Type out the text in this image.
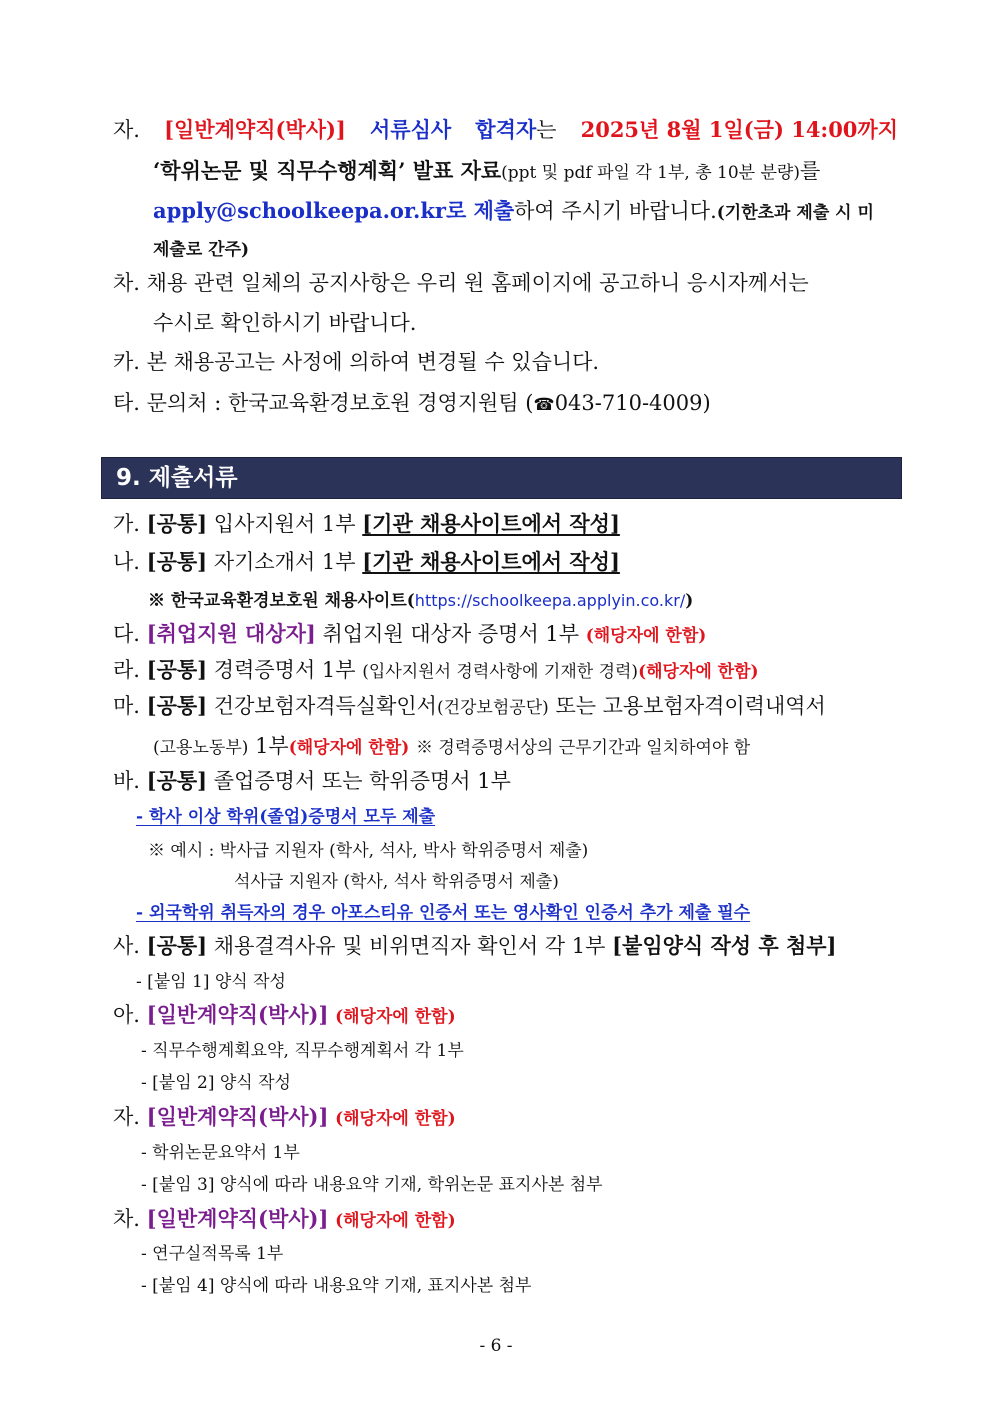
자. [일반계약직(박사)] 서류심사 합격자는 2025년 8월 1일(금) 14:00까지
‘학위논문 및 직무수행계획’ 발표 자료(ppt 및 pdf 파일 각 1부, 총 10분 분량)를
apply@schoolkeepa.or.kr로 제출하여 주시기 바랍니다.(기한초과 제출 시 미
제출로 간주)
차. 채용 관련 일체의 공지사항은 우리 원 홈페이지에 공고하니 응시자께서는
수시로 확인하시기 바랍니다.
카. 본 채용공고는 사정에 의하여 변경될 수 있습니다.
타. 문의처 : 한국교육환경보호원 경영지원팀 (☎043-710-4009)
9. 제출서류
가. [공통] 입사지원서 1부 [기관 채용사이트에서 작성]
나. [공통] 자기소개서 1부 [기관 채용사이트에서 작성]
※ 한국교육환경보호원 채용사이트(https://schoolkeepa.applyin.co.kr/)
다. [취업지원 대상자] 취업지원 대상자 증명서 1부 (해당자에 한함)
라. [공통] 경력증명서 1부 (입사지원서 경력사항에 기재한 경력)(해당자에 한함)
마. [공통] 건강보험자격득실확인서(건강보험공단) 또는 고용보험자격이력내역서
(고용노동부) 1부(해당자에 한함) ※ 경력증명서상의 근무기간과 일치하여야 함
바. [공통] 졸업증명서 또는 학위증명서 1부
- 학사 이상 학위(졸업)증명서 모두 제출
※ 예시 : 박사급 지원자 (학사, 석사, 박사 학위증명서 제출)
석사급 지원자 (학사, 석사 학위증명서 제출)
- 외국학위 취득자의 경우 아포스티유 인증서 또는 영사확인 인증서 추가 제출 필수
사. [공통] 채용결격사유 및 비위면직자 확인서 각 1부 [붙임양식 작성 후 첨부]
- [붙임 1] 양식 작성
아. [일반계약직(박사)] (해당자에 한함)
- 직무수행계획요약, 직무수행계획서 각 1부
- [붙임 2] 양식 작성
자. [일반계약직(박사)] (해당자에 한함)
- 학위논문요약서 1부
- [붙임 3] 양식에 따라 내용요약 기재, 학위논문 표지사본 첨부
차. [일반계약직(박사)] (해당자에 한함)
- 연구실적목록 1부
- [붙임 4] 양식에 따라 내용요약 기재, 표지사본 첨부
- 6 -
